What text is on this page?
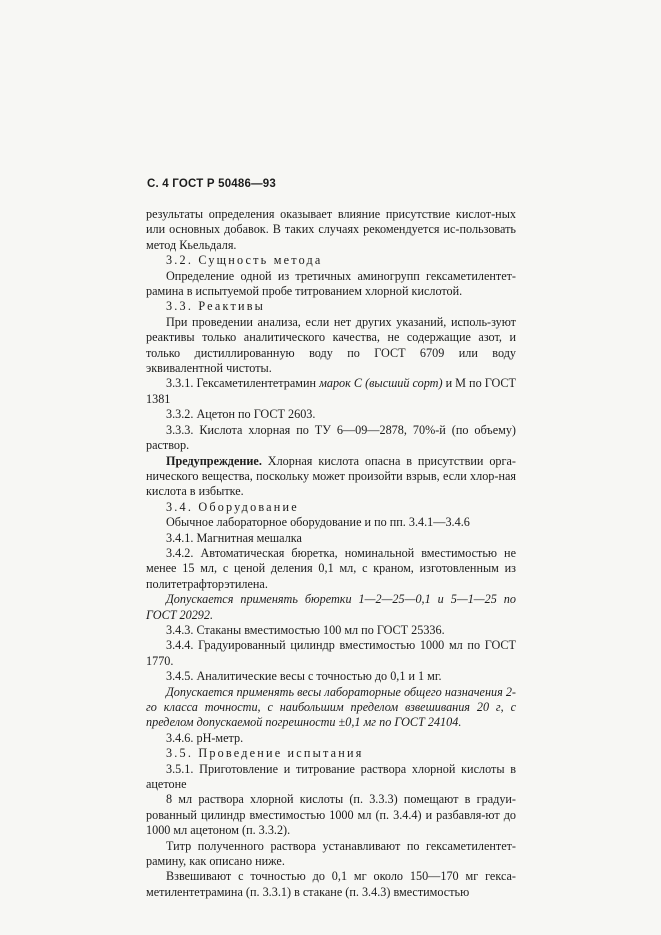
С. 4 ГОСТ Р 50486—93

результаты определения оказывает влияние присутствие кислот-ных или основных добавок. В таких случаях рекомендуется ис-пользовать метод Кьельдаля.

3.2. Сущность метода

Определение одной из третичных аминогрупп гексаметилентет-рамина в испытуемой пробе титрованием хлорной кислотой.

3.3. Реактивы

При проведении анализа, если нет других указаний, исполь-зуют реактивы только аналитического качества, не содержащие азот, и только дистиллированную воду по ГОСТ 6709 или воду эквивалентной чистоты.

3.3.1. Гексаметилентетрамин марок С (высший сорт) и М по ГОСТ 1381

3.3.2. Ацетон по ГОСТ 2603.

3.3.3. Кислота хлорная по ТУ 6—09—2878, 70%-й (по объему) раствор.

Предупреждение. Хлорная кислота опасна в присутствии орга-нического вещества, поскольку может произойти взрыв, если хлор-ная кислота в избытке.

3.4. Оборудование

Обычное лабораторное оборудование и по пп. 3.4.1—3.4.6

3.4.1. Магнитная мешалка

3.4.2. Автоматическая бюретка, номинальной вместимостью не менее 15 мл, с ценой деления 0,1 мл, с краном, изготовленным из политетрафторэтилена.

Допускается применять бюретки 1—2—25—0,1 и 5—1—25 по ГОСТ 20292.

3.4.3. Стаканы вместимостью 100 мл по ГОСТ 25336.

3.4.4. Градуированный цилиндр вместимостью 1000 мл по ГОСТ 1770.

3.4.5. Аналитические весы с точностью до 0,1 и 1 мг.

Допускается применять весы лабораторные общего назначения 2-го класса точности, с наибольшим пределом взвешивания 20 г, с пределом допускаемой погрешности ±0,1 мг по ГОСТ 24104.

3.4.6. pH-метр.

3.5. Проведение испытания

3.5.1. Приготовление и титрование раствора хлорной кислоты в ацетоне

8 мл раствора хлорной кислоты (п. 3.3.3) помещают в градуи-рованный цилиндр вместимостью 1000 мл (п. 3.4.4) и разбавля-ют до 1000 мл ацетоном (п. 3.3.2).

Титр полученного раствора устанавливают по гексаметилентет-рамину, как описано ниже.

Взвешивают с точностью до 0,1 мг около 150—170 мг гекса-метилентетрамина (п. 3.3.1) в стакане (п. 3.4.3) вместимостью
